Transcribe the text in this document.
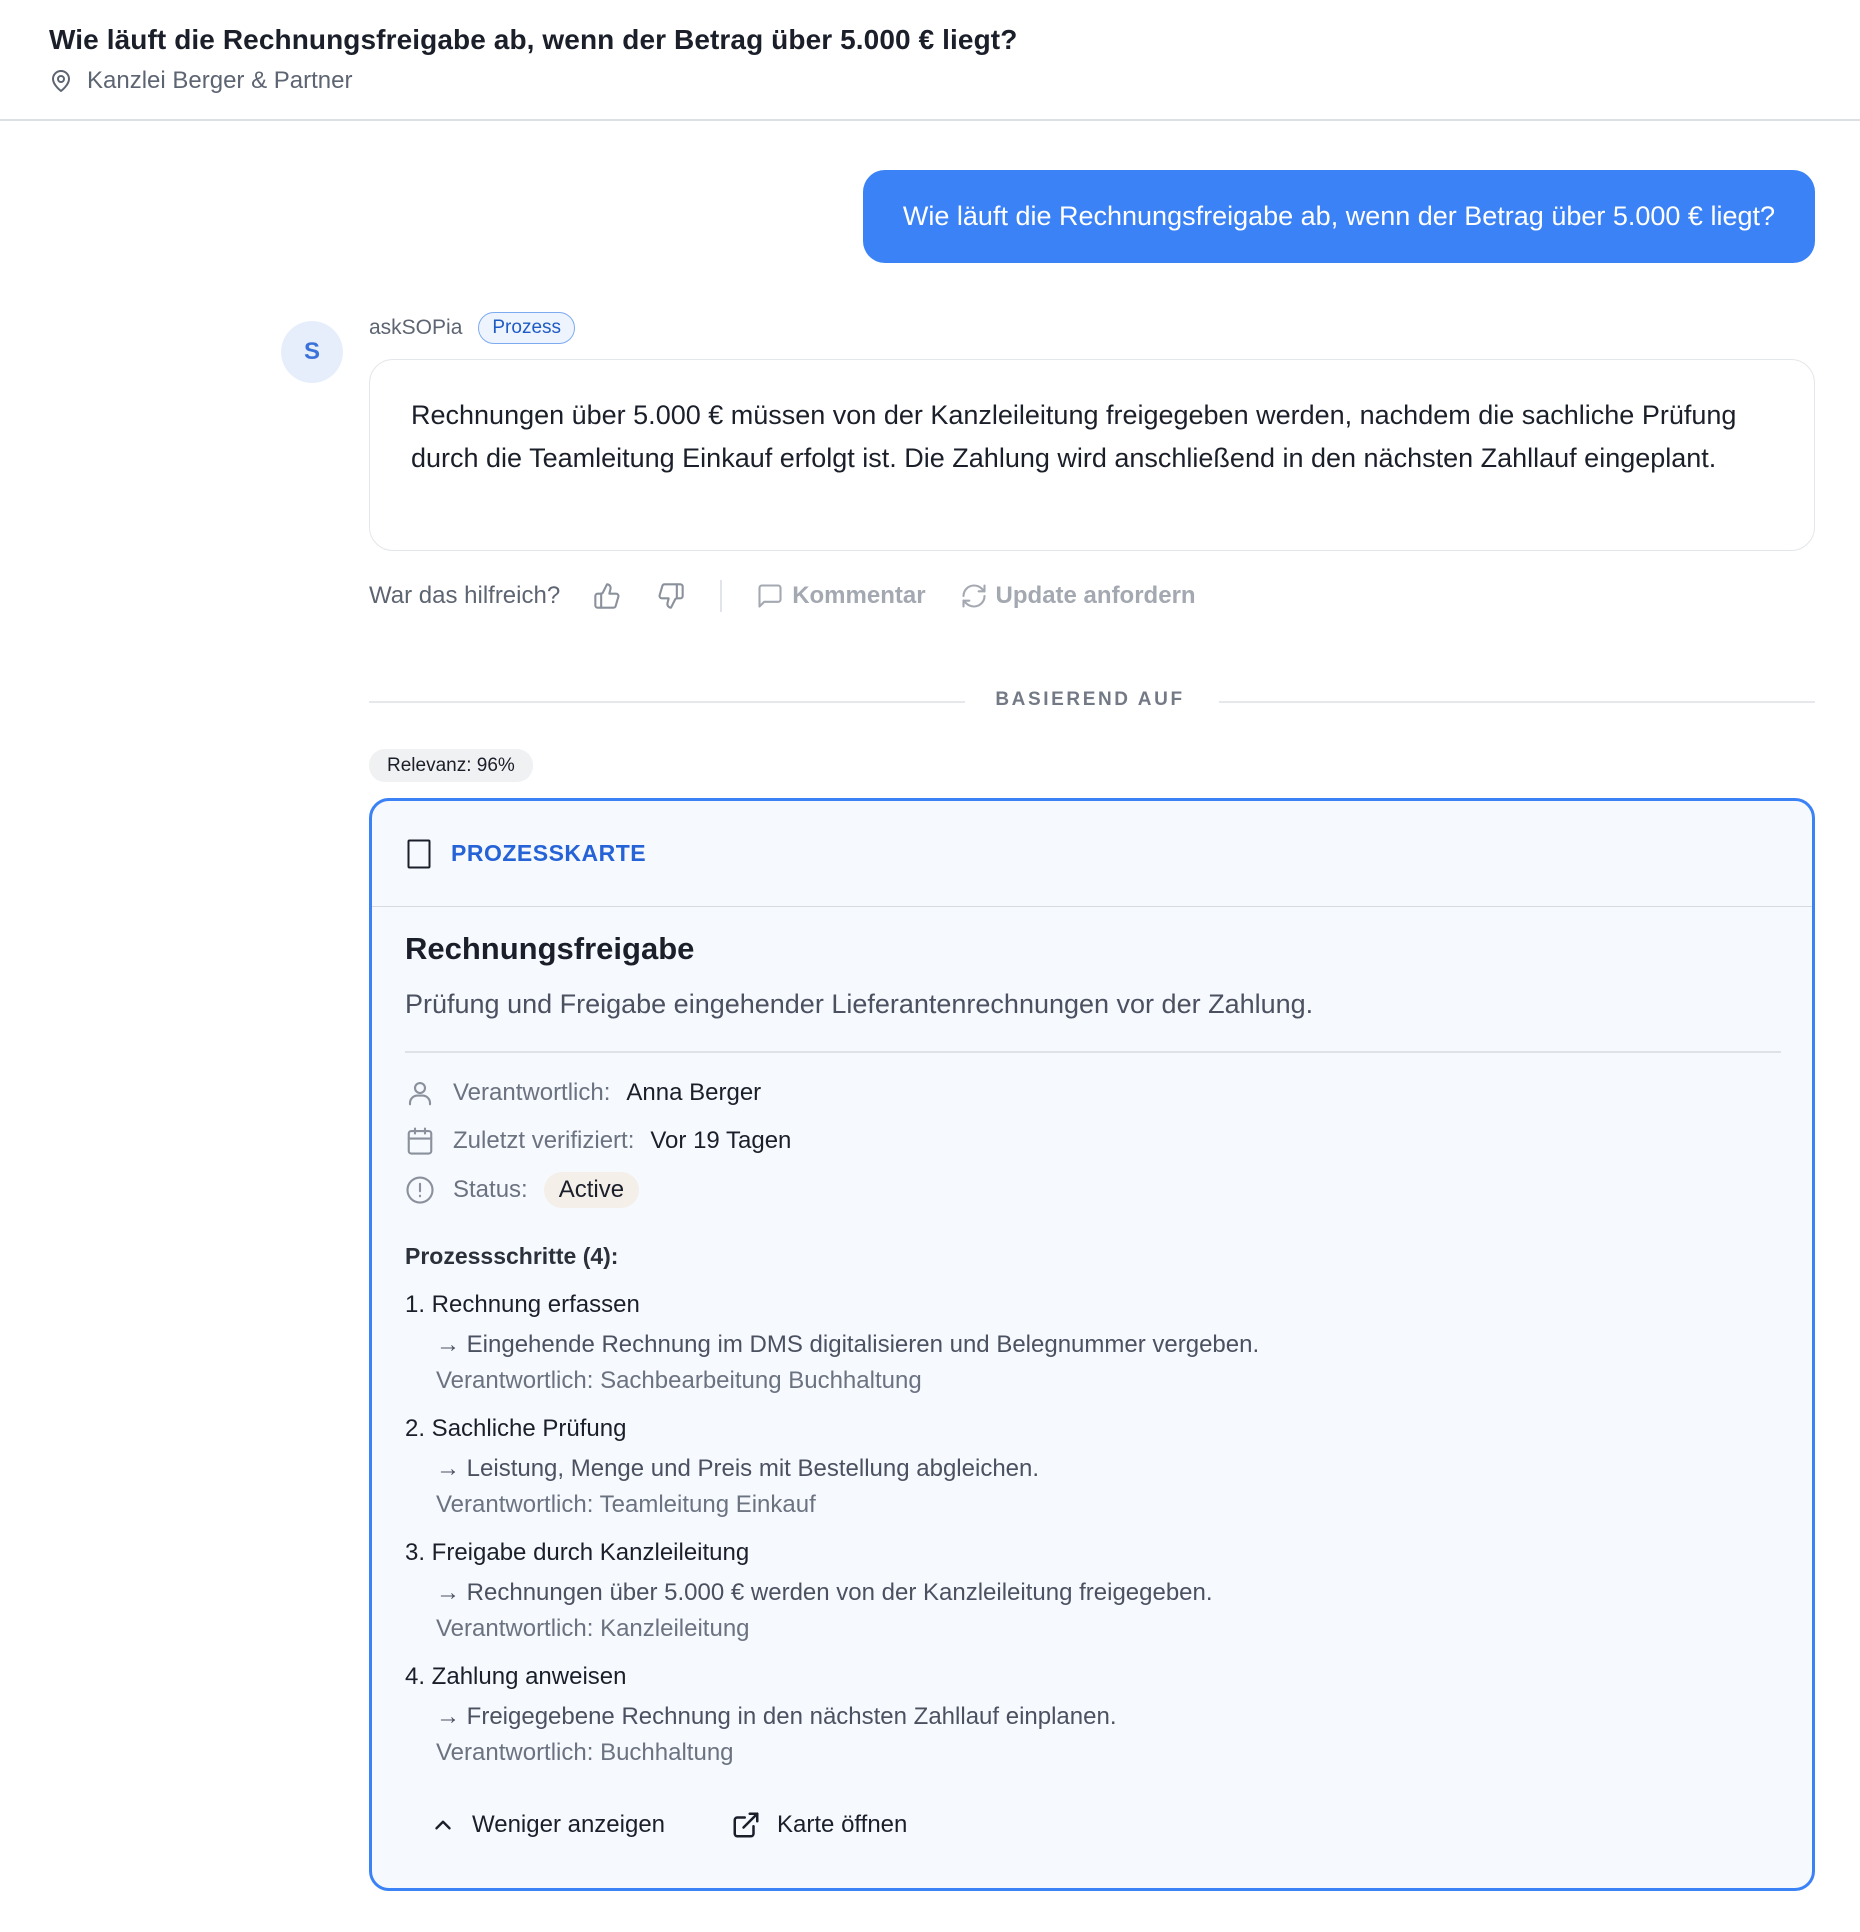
Wie läuft die Rechnungsfreigabe ab, wenn der Betrag über 5.000 € liegt?
Kanzlei Berger & Partner
Wie läuft die Rechnungsfreigabe ab, wenn der Betrag über 5.000 € liegt?
S
askSOPia	Prozess

Rechnungen über 5.000 € müssen von der Kanzleileitung freigegeben werden, nachdem die sachliche Prüfung durch die Teamleitung Einkauf erfolgt ist. Die Zahlung wird anschließend in den nächsten Zahllauf eingeplant.

War das hilfreich?	Kommentar	Update anfordern
BASIEREND AUF
Relevanz: 96%
PROZESSKARTE
Rechnungsfreigabe
Prüfung und Freigabe eingehender Lieferantenrechnungen vor der Zahlung.
Verantwortlich: Anna Berger
Zuletzt verifiziert: Vor 19 Tagen
Status:	Active
Prozessschritte (4):
1. Rechnung erfassen
→ Eingehende Rechnung im DMS digitalisieren und Belegnummer vergeben.
Verantwortlich: Sachbearbeitung Buchhaltung
2. Sachliche Prüfung
→ Leistung, Menge und Preis mit Bestellung abgleichen.
Verantwortlich: Teamleitung Einkauf
3. Freigabe durch Kanzleileitung
→ Rechnungen über 5.000 € werden von der Kanzleileitung freigegeben.
Verantwortlich: Kanzleileitung
4. Zahlung anweisen
→ Freigegebene Rechnung in den nächsten Zahllauf einplanen.
Verantwortlich: Buchhaltung
Weniger anzeigen	Karte öffnen
